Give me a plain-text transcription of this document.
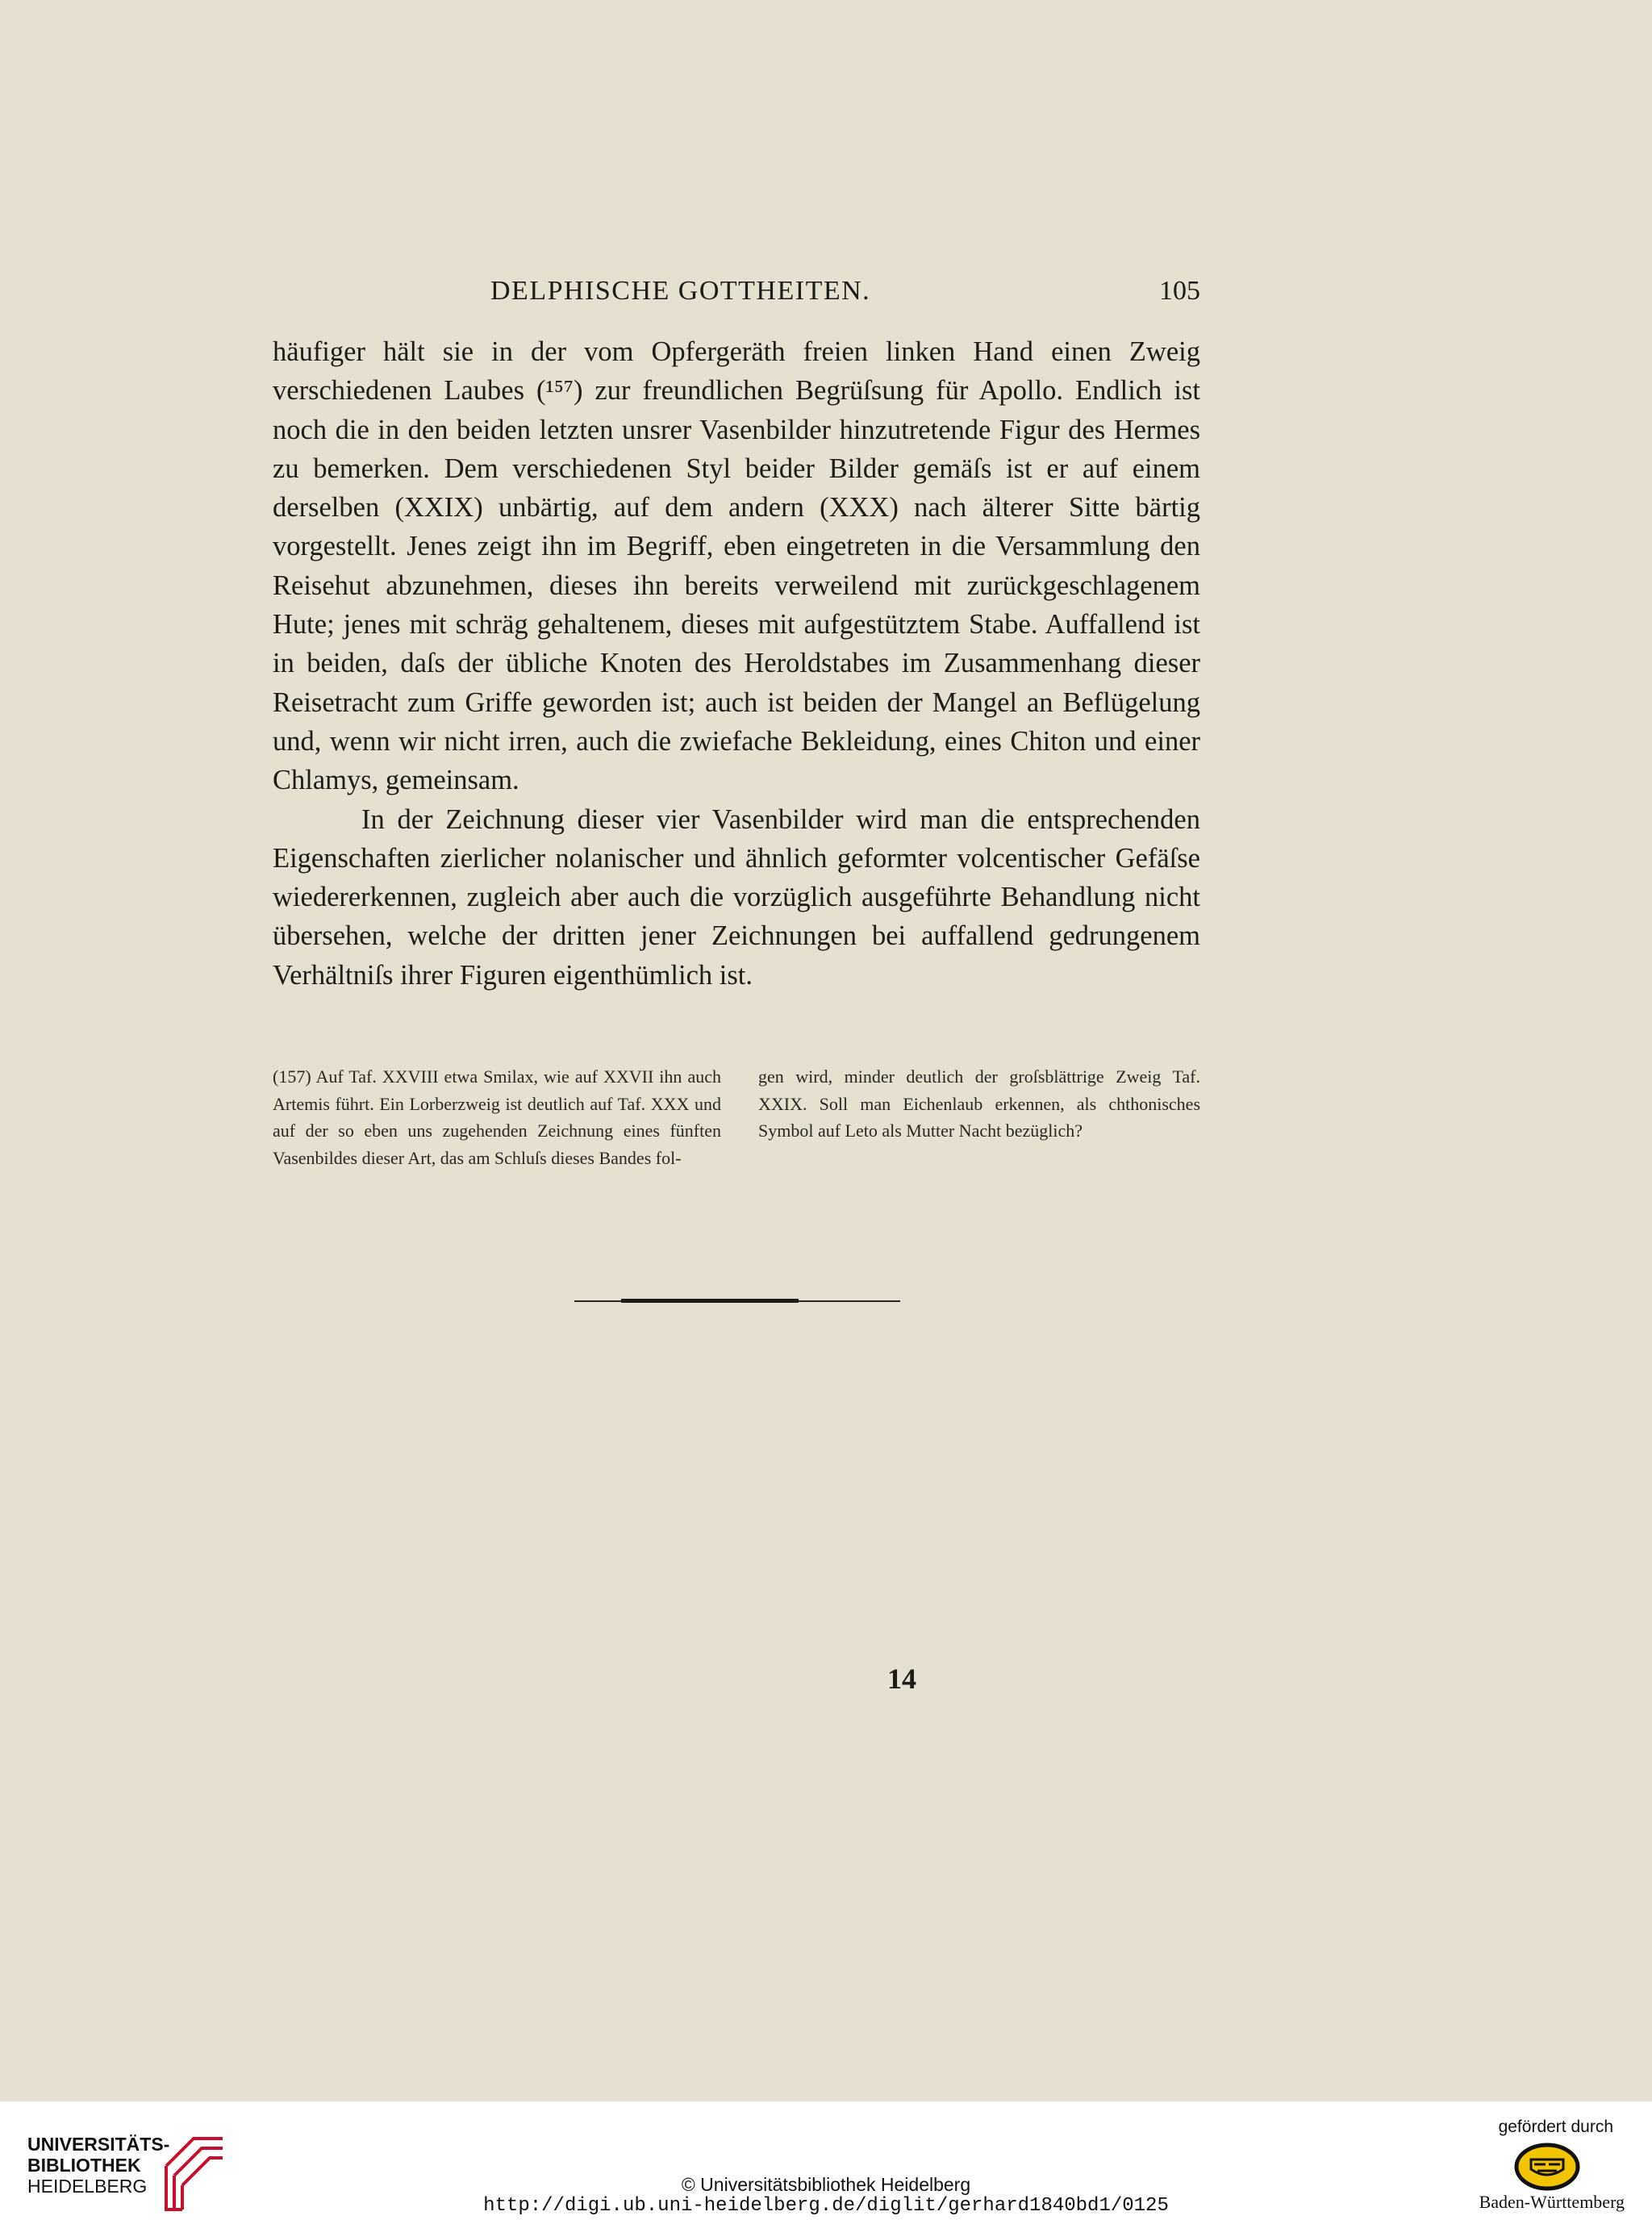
DELPHISCHE GOTTHEITEN.	105

häufiger hält sie in der vom Opfergeräth freien linken Hand einen Zweig verschiedenen Laubes (¹⁵⁷) zur freundlichen Begrüſsung für Apollo. Endlich ist noch die in den beiden letzten unsrer Vasenbilder hinzutretende Figur des Hermes zu bemerken. Dem verschiedenen Styl beider Bilder gemäſs ist er auf einem derselben (XXIX) unbärtig, auf dem andern (XXX) nach älterer Sitte bärtig vorgestellt. Jenes zeigt ihn im Begriff, eben eingetreten in die Versammlung den Reisehut abzunehmen, dieses ihn bereits verweilend mit zurückgeschlagenem Hute; jenes mit schräg gehaltenem, dieses mit aufgestütztem Stabe. Auffallend ist in beiden, daſs der übliche Knoten des Heroldstabes im Zusammenhang dieser Reisetracht zum Griffe geworden ist; auch ist beiden der Mangel an Beflügelung und, wenn wir nicht irren, auch die zwiefache Bekleidung, eines Chiton und einer Chlamys, gemeinsam.

In der Zeichnung dieser vier Vasenbilder wird man die entsprechenden Eigenschaften zierlicher nolanischer und ähnlich geformter volcentischer Gefäſse wiedererkennen, zugleich aber auch die vorzüglich ausgeführte Behandlung nicht übersehen, welche der dritten jener Zeichnungen bei auffallend gedrungenem Verhältniſs ihrer Figuren eigenthümlich ist.

(157) Auf Taf. XXVIII etwa Smilax, wie auf XXVII ihn auch Artemis führt. Ein Lorberzweig ist deutlich auf Taf. XXX und auf der so eben uns zugehenden Zeichnung eines fünften Vasenbildes dieser Art, das am Schluſs dieses Bandes fol-
gen wird, minder deutlich der groſsblättrige Zweig Taf. XXIX. Soll man Eichenlaub erkennen, als chthonisches Symbol auf Leto als Mutter Nacht bezüglich?
14
UNIVERSITÄTS-
BIBLIOTHEK
HEIDELBERG	© Universitätsbibliothek Heidelberg
http://digi.ub.uni-heidelberg.de/diglit/gerhard1840bd1/0125
gefördert durch
Baden-Württemberg
